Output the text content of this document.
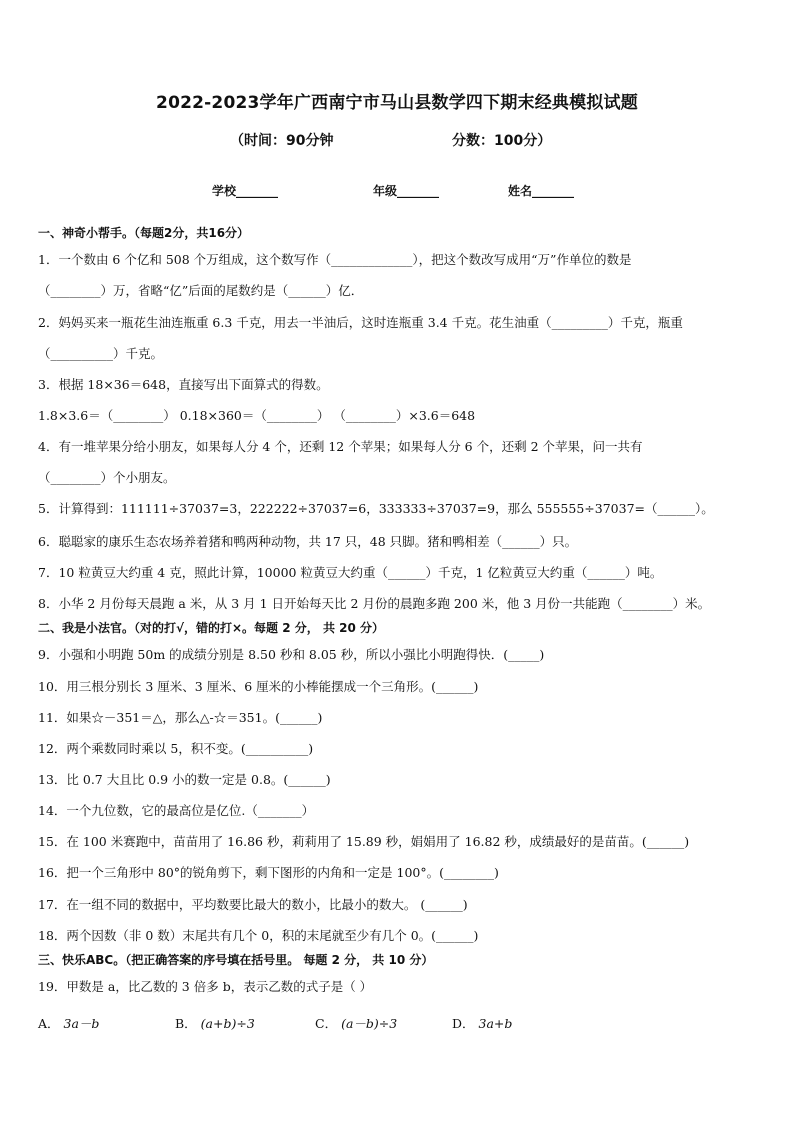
2022-2023学年广西南宁市马山县数学四下期末经典模拟试题
（时间：90分钟	分数：100分）
学校_______	年级_______	姓名_______
一、神奇小帮手。（每题2分，共16分）
1．一个数由 6 个亿和 508 个万组成，这个数写作（_____________），把这个数改写成用“万”作单位的数是
（________）万，省略“亿”后面的尾数约是（______）亿．
2．妈妈买来一瓶花生油连瓶重 6.3 千克，用去一半油后，这时连瓶重 3.4 千克。花生油重（_________）千克，瓶重
（__________）千克。
3．根据 18×36＝648，直接写出下面算式的得数。
1.8×3.6＝（________） 0.18×360＝（________） （________）×3.6＝648
4．有一堆苹果分给小朋友，如果每人分 4 个，还剩 12 个苹果；如果每人分 6 个，还剩 2 个苹果，问一共有
（________）个小朋友。
5．计算得到：111111÷37037=3，222222÷37037=6，333333÷37037=9，那么 555555÷37037=（______）。
6．聪聪家的康乐生态农场养着猪和鸭两种动物，共 17 只，48 只脚。猪和鸭相差（______）只。
7．10 粒黄豆大约重 4 克，照此计算，10000 粒黄豆大约重（______）千克，1 亿粒黄豆大约重（______）吨。
8．小华 2 月份每天晨跑 a 米，从 3 月 1 日开始每天比 2 月份的晨跑多跑 200 米，他 3 月份一共能跑（________）米。
二、我是小法官。（对的打√，错的打×。每题 2 分， 共 20 分）
9．小强和小明跑 50m 的成绩分别是 8.50 秒和 8.05 秒，所以小强比小明跑得快．(_____)
10．用三根分别长 3 厘米、3 厘米、6 厘米的小棒能摆成一个三角形。(______)
11．如果☆－351＝△，那么△-☆＝351。(______)
12．两个乘数同时乘以 5，积不变。(__________)
13．比 0.7 大且比 0.9 小的数一定是 0.8。(______)
14．一个九位数，它的最高位是亿位.（_______）
15．在 100 米赛跑中，苗苗用了 16.86 秒，莉莉用了 15.89 秒，娟娟用了 16.82 秒，成绩最好的是苗苗。(______)
16．把一个三角形中 80°的锐角剪下，剩下图形的内角和一定是 100°。(________)
17．在一组不同的数据中，平均数要比最大的数小，比最小的数大。 (______)
18．两个因数（非 0 数）末尾共有几个 0，积的末尾就至少有几个 0。(______)
三、快乐ABC。（把正确答案的序号填在括号里。 每题 2 分， 共 10 分）
19．甲数是 a，比乙数的 3 倍多 b，表示乙数的式子是（ ）
A． 3a－b	B． (a+b)÷3	C． (a－b)÷3	D． 3a+b
